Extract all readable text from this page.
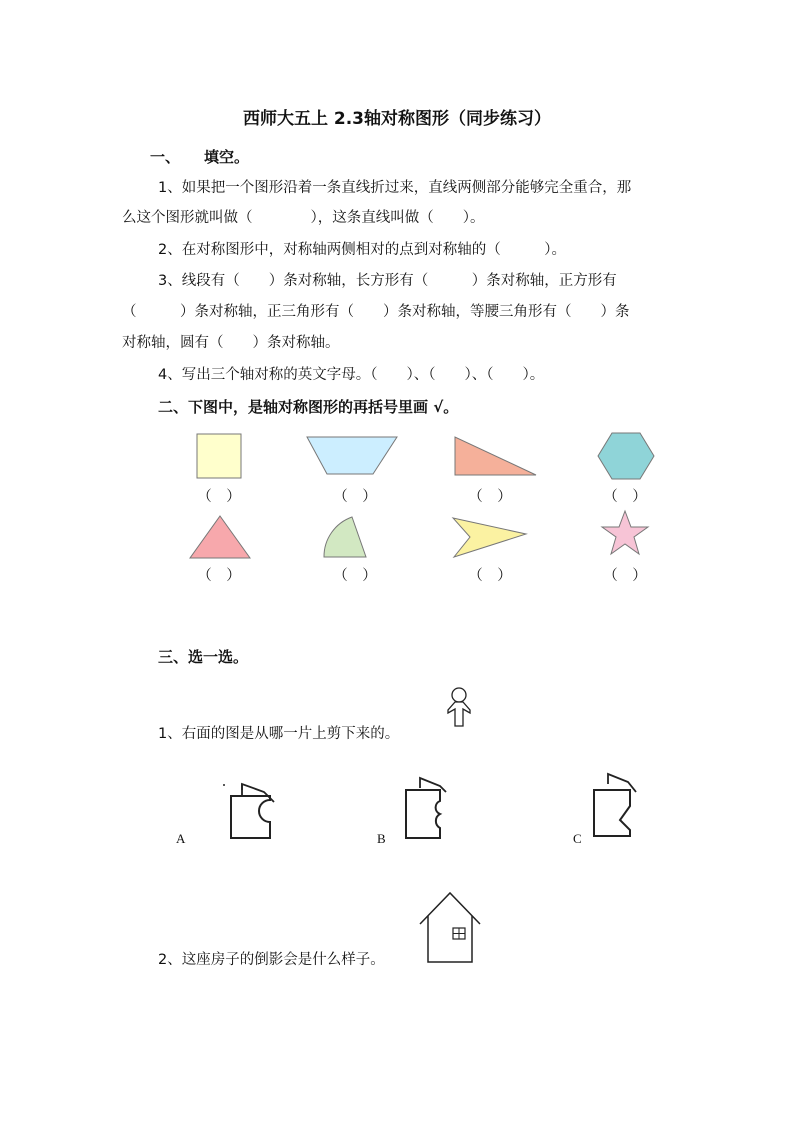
西师大五上 2.3轴对称图形（同步练习）
一、 填空。
1、如果把一个图形沿着一条直线折过来，直线两侧部分能够完全重合，那
么这个图形就叫做（　　　　），这条直线叫做（　　）。
2、在对称图形中，对称轴两侧相对的点到对称轴的（　　　）。
3、线段有（　　）条对称轴，长方形有（　　　）条对称轴，正方形有
（　　　）条对称轴，正三角形有（　　）条对称轴，等腰三角形有（　　）条
对称轴，圆有（　　）条对称轴。
4、写出三个轴对称的英文字母。（　　）、（　　）、（　　）。
二、下图中，是轴对称图形的再括号里画 √。
（　）	（　）	（　）	（　）
（　）	（　）	（　）	（　）
三、选一选。
1、右面的图是从哪一片上剪下来的。
A	B	C
2、这座房子的倒影会是什么样子。
